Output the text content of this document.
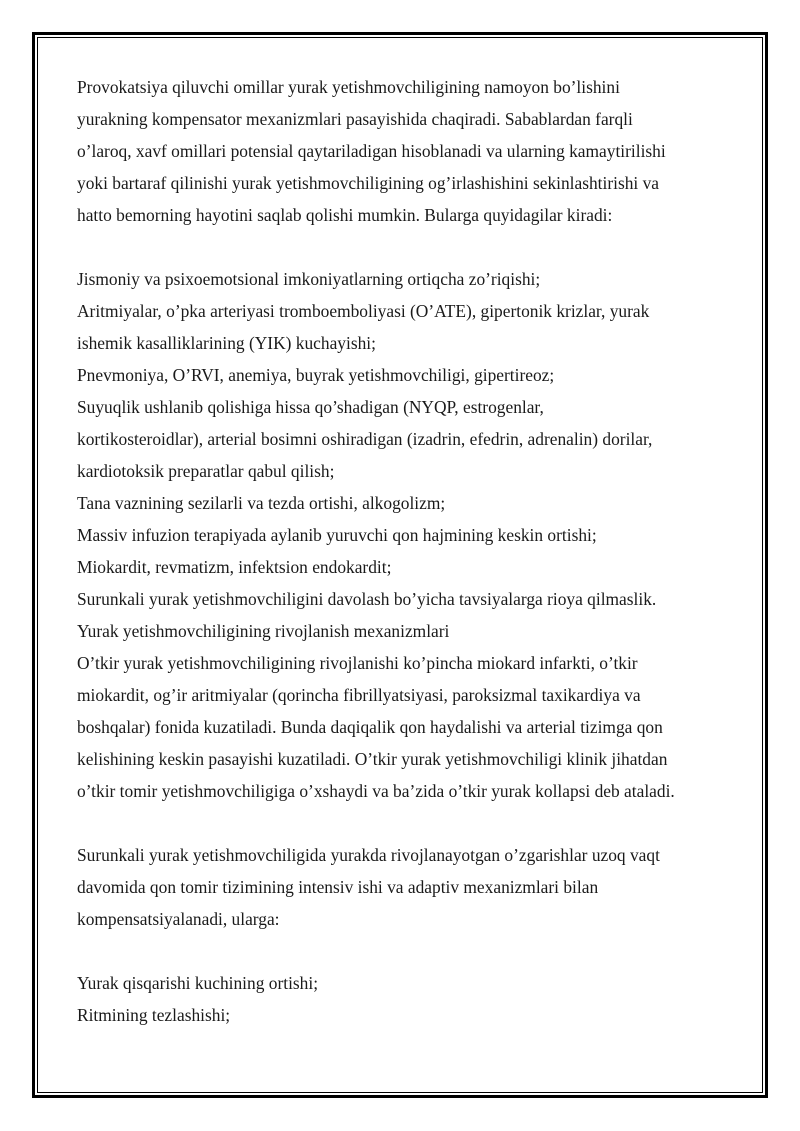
Provokatsiya qiluvchi omillar yurak yetishmovchiligining namoyon bo’lishini

yurakning kompensator mexanizmlari pasayishida chaqiradi. Sabablardan farqli

o’laroq, xavf omillari potensial qaytariladigan hisoblanadi va ularning kamaytirilishi

yoki bartaraf qilinishi yurak yetishmovchiligining og’irlashishini sekinlashtirishi va

hatto bemorning hayotini saqlab qolishi mumkin. Bularga quyidagilar kiradi:

Jismoniy va psixoemotsional imkoniyatlarning ortiqcha zo’riqishi;

Aritmiyalar, o’pka arteriyasi tromboemboliyasi (O’ATE), gipertonik krizlar, yurak

ishemik kasalliklarining (YIK) kuchayishi;

Pnevmoniya, O’RVI, anemiya, buyrak yetishmovchiligi, gipertireoz;

Suyuqlik ushlanib qolishiga hissa qo’shadigan (NYQP, estrogenlar,

kortikosteroidlar), arterial bosimni oshiradigan (izadrin, efedrin, adrenalin) dorilar,

kardiotoksik preparatlar qabul qilish;

Tana vaznining sezilarli va tezda ortishi, alkogolizm;

Massiv infuzion terapiyada aylanib yuruvchi qon hajmining keskin ortishi;

Miokardit, revmatizm, infektsion endokardit;

Surunkali yurak yetishmovchiligini davolash bo’yicha tavsiyalarga rioya qilmaslik.

Yurak yetishmovchiligining rivojlanish mexanizmlari

O’tkir yurak yetishmovchiligining rivojlanishi ko’pincha miokard infarkti, o’tkir

miokardit, og’ir aritmiyalar (qorincha fibrillyatsiyasi, paroksizmal taxikardiya va

boshqalar) fonida kuzatiladi. Bunda daqiqalik qon haydalishi va arterial tizimga qon

kelishining keskin pasayishi kuzatiladi. O’tkir yurak yetishmovchiligi klinik jihatdan

o’tkir tomir yetishmovchiligiga o’xshaydi va ba’zida o’tkir yurak kollapsi deb ataladi.

Surunkali yurak yetishmovchiligida yurakda rivojlanayotgan o’zgarishlar uzoq vaqt

davomida qon tomir tizimining intensiv ishi va adaptiv mexanizmlari bilan

kompensatsiyalanadi, ularga:

Yurak qisqarishi kuchining ortishi;

Ritmining tezlashishi;
